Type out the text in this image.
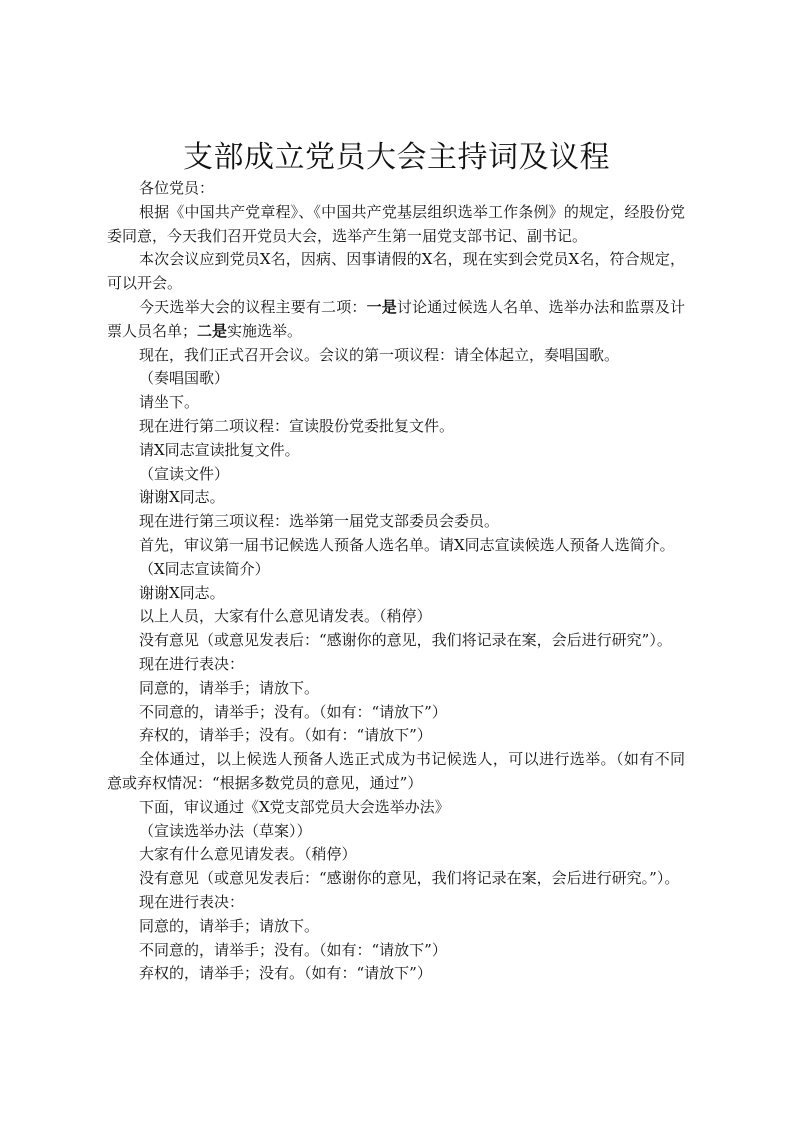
支部成立党员大会主持词及议程

各位党员：

根据《中国共产党章程》、《中国共产党基层组织选举工作条例》的规定，经股份党委同意，今天我们召开党员大会，选举产生第一届党支部书记、副书记。

本次会议应到党员X名，因病、因事请假的X名，现在实到会党员X名，符合规定，可以开会。

今天选举大会的议程主要有二项：一是讨论通过候选人名单、选举办法和监票及计票人员名单；二是实施选举。

现在，我们正式召开会议。会议的第一项议程：请全体起立，奏唱国歌。

（奏唱国歌）

请坐下。

现在进行第二项议程：宣读股份党委批复文件。

请X同志宣读批复文件。

（宣读文件）

谢谢X同志。

现在进行第三项议程：选举第一届党支部委员会委员。

首先，审议第一届书记候选人预备人选名单。请X同志宣读候选人预备人选简介。

（X同志宣读简介）

谢谢X同志。

以上人员，大家有什么意见请发表。（稍停）

没有意见（或意见发表后：“感谢你的意见，我们将记录在案，会后进行研究”）。

现在进行表决：

同意的，请举手；请放下。

不同意的，请举手；没有。（如有：“请放下”）

弃权的，请举手；没有。（如有：“请放下”）

全体通过，以上候选人预备人选正式成为书记候选人，可以进行选举。（如有不同意或弃权情况：“根据多数党员的意见，通过”）

下面，审议通过《X党支部党员大会选举办法》

（宣读选举办法（草案））

大家有什么意见请发表。（稍停）

没有意见（或意见发表后：“感谢你的意见，我们将记录在案，会后进行研究。”）。

现在进行表决：

同意的，请举手；请放下。

不同意的，请举手；没有。（如有：“请放下”）

弃权的，请举手；没有。（如有：“请放下”）
